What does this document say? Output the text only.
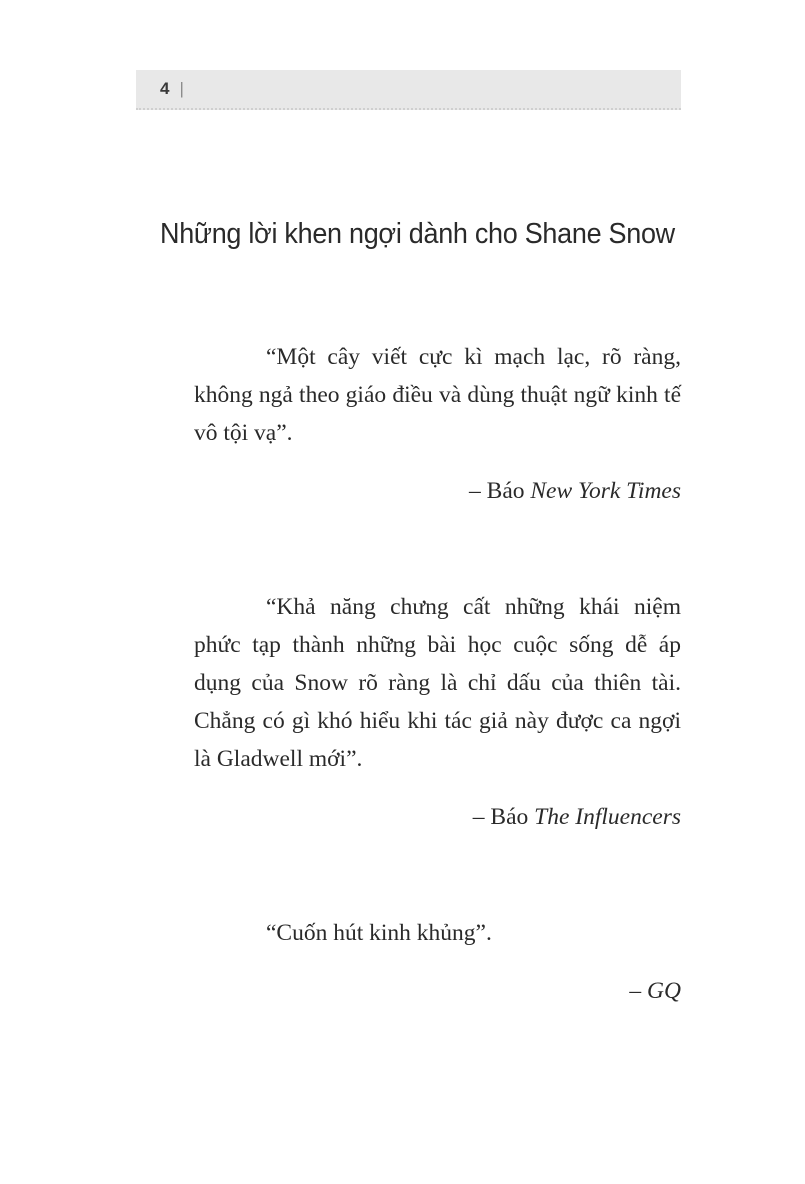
4 |
Những lời khen ngợi dành cho Shane Snow

“Một cây viết cực kì mạch lạc, rõ ràng, không ngả theo giáo điều và dùng thuật ngữ kinh tế vô tội vạ”.

– Báo New York Times

“Khả năng chưng cất những khái niệm phức tạp thành những bài học cuộc sống dễ áp dụng của Snow rõ ràng là chỉ dấu của thiên tài. Chẳng có gì khó hiểu khi tác giả này được ca ngợi là Gladwell mới”.

– Báo The Influencers

“Cuốn hút kinh khủng”.

– GQ
